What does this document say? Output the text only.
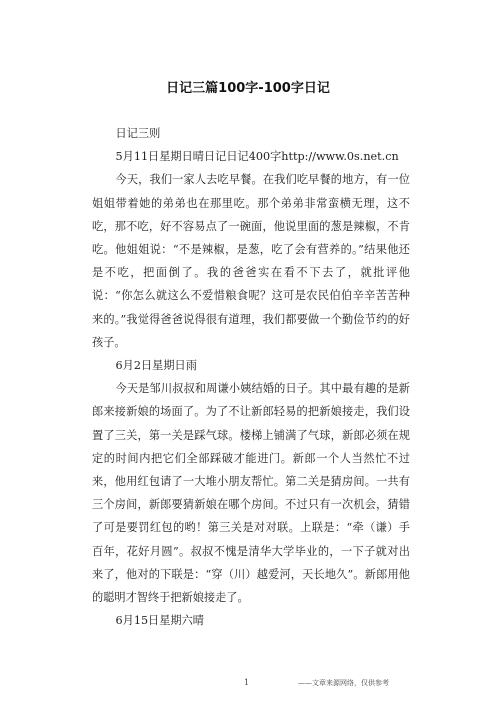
日记三篇100字-100字日记

日记三则

5月11日星期日晴日记日记400字http://www.0s.net.cn

今天，我们一家人去吃早餐。在我们吃早餐的地方，有一位姐姐带着她的弟弟也在那里吃。那个弟弟非常蛮横无理，这不吃，那不吃，好不容易点了一碗面，他说里面的葱是辣椒，不肯吃。他姐姐说：“不是辣椒，是葱，吃了会有营养的。”结果他还是不吃，把面倒了。我的爸爸实在看不下去了，就批评他说：“你怎么就这么不爱惜粮食呢？这可是农民伯伯辛辛苦苦种来的。”我觉得爸爸说得很有道理，我们都要做一个勤俭节约的好孩子。

6月2日星期日雨

今天是邹川叔叔和周谦小姨结婚的日子。其中最有趣的是新郎来接新娘的场面了。为了不让新郎轻易的把新娘接走，我们设置了三关，第一关是踩气球。楼梯上铺满了气球，新郎必须在规定的时间内把它们全部踩破才能进门。新郎一个人当然忙不过来，他用红包请了一大堆小朋友帮忙。第二关是猜房间。一共有三个房间，新郎要猜新娘在哪个房间。不过只有一次机会，猜错了可是要罚红包的哟！第三关是对对联。上联是：“牵（谦）手百年，花好月圆”。叔叔不愧是清华大学毕业的，一下子就对出来了，他对的下联是：“穿（川）越爱河，天长地久”。新郎用他的聪明才智终于把新娘接走了。

6月15日星期六晴

1	——文章来源网络，仅供参考
